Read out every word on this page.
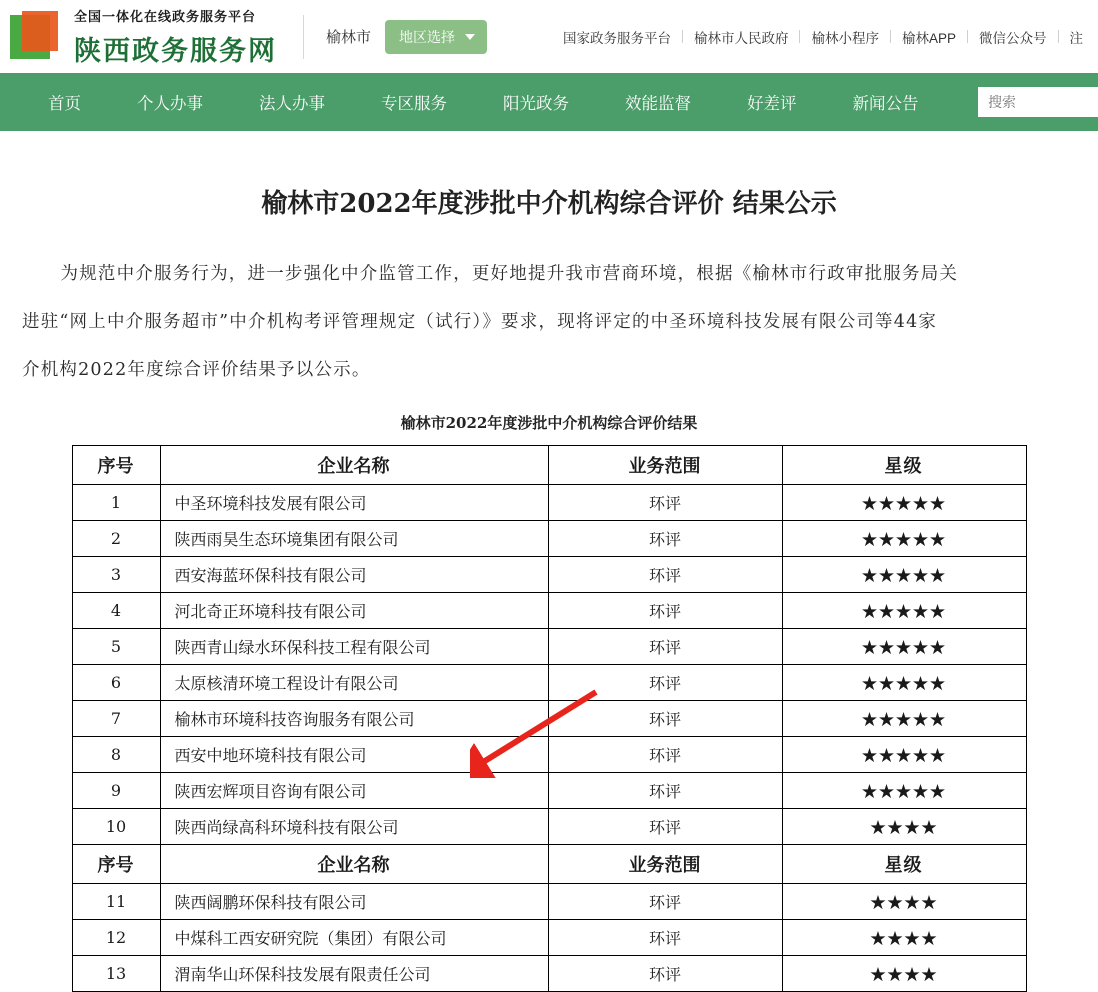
全国一体化在线政务服务平台
陕西政务服务网	榆林市 地区选择	国家政务服务平台	榆林市人民政府	榆林小程序	榆林APP	微信公众号	注
首页	个人办事	法人办事	专区服务	阳光政务	效能监督	好差评	新闻公告
搜索
榆林市2022年度涉批中介机构综合评价 结果公示

为规范中介服务行为，进一步强化中介监管工作，更好地提升我市营商环境，根据《榆林市行政审批服务局关

进驻“网上中介服务超市”中介机构考评管理规定（试行）》要求，现将评定的中圣环境科技发展有限公司等44家

介机构2022年度综合评价结果予以公示。

榆林市2022年度涉批中介机构综合评价结果
序号	企业名称	业务范围	星级
1	中圣环境科技发展有限公司	环评	★★★★★
2	陕西雨昊生态环境集团有限公司	环评	★★★★★
3	西安海蓝环保科技有限公司	环评	★★★★★
4	河北奇正环境科技有限公司	环评	★★★★★
5	陕西青山绿水环保科技工程有限公司	环评	★★★★★
6	太原核清环境工程设计有限公司	环评	★★★★★
7	榆林市环境科技咨询服务有限公司	环评	★★★★★
8	西安中地环境科技有限公司	环评	★★★★★
9	陕西宏辉项目咨询有限公司	环评	★★★★★
10	陕西尚绿高科环境科技有限公司	环评	★★★★
序号	企业名称	业务范围	星级
11	陕西阔鹏环保科技有限公司	环评	★★★★
12	中煤科工西安研究院（集团）有限公司	环评	★★★★
13	渭南华山环保科技发展有限责任公司	环评	★★★★
